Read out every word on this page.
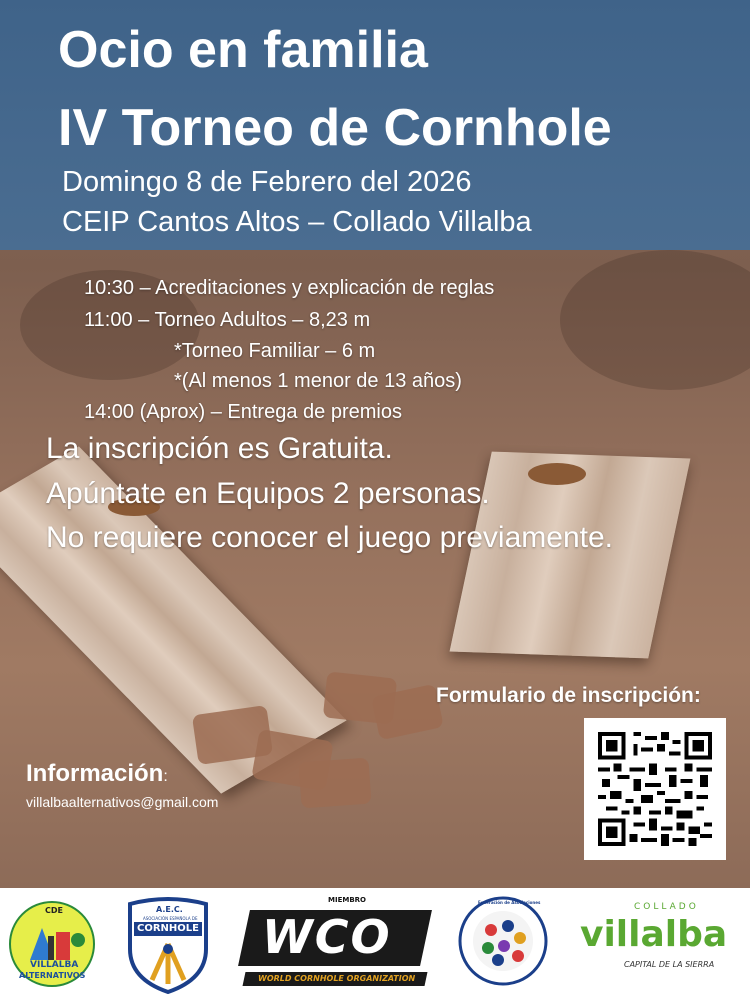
Ocio en familia
IV Torneo de Cornhole
Domingo 8 de Febrero del 2026
CEIP Cantos Altos – Collado Villalba
10:30 – Acreditaciones y explicación de reglas
11:00 – Torneo Adultos – 8,23 m
*Torneo Familiar – 6 m
*(Al menos 1 menor de 13 años)
14:00 (Aprox) – Entrega de premios
La inscripción es Gratuita.
Apúntate en Equipos 2 personas.
No requiere conocer el juego previamente.
Formulario de inscripción:
Información:
villalbaalternativos@gmail.com
CDE
VILLALBA
ALTERNATIVOS
A.E.C.
ASOCIACIÓN ESPAÑOLA DE
CORNHOLE
MIEMBRO
WCO
WORLD CORNHOLE ORGANIZATION
Federación de Asociaciones	COLLADO
villalba
CAPITAL DE LA SIERRA
